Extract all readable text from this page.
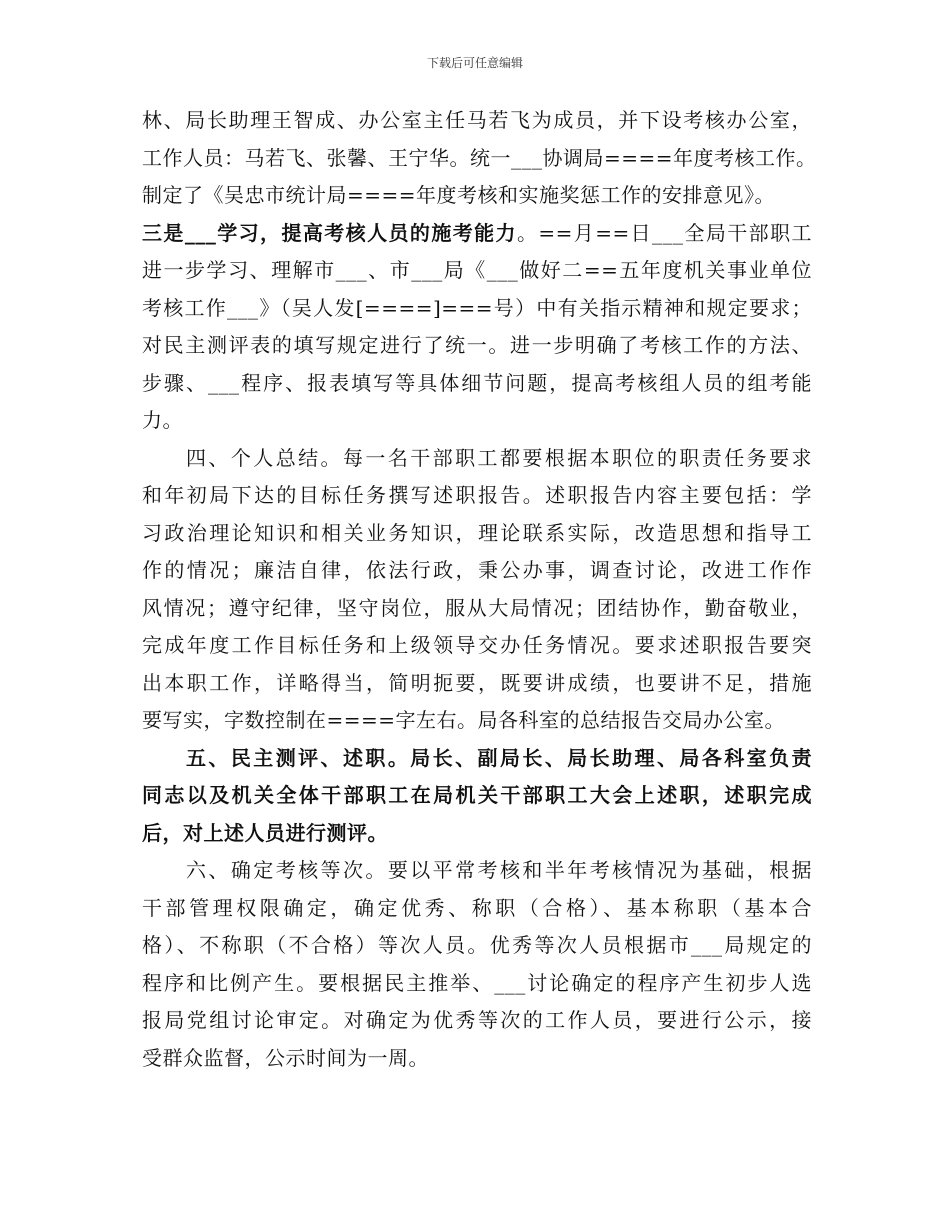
下载后可任意编辑
林、局长助理王智成、办公室主任马若飞为成员，并下设考核办公室，
工作人员：马若飞、张馨、王宁华。统一___协调局====年度考核工作。
制定了《吴忠市统计局====年度考核和实施奖惩工作的安排意见》。
三是___学习，提高考核人员的施考能力。==月==日___全局干部职工
进一步学习、理解市___、市___局《___做好二==五年度机关事业单位
考核工作___》（吴人发[====]===号）中有关指示精神和规定要求；
对民主测评表的填写规定进行了统一。进一步明确了考核工作的方法、
步骤、___程序、报表填写等具体细节问题，提高考核组人员的组考能
力。
四、个人总结。每一名干部职工都要根据本职位的职责任务要求
和年初局下达的目标任务撰写述职报告。述职报告内容主要包括：学
习政治理论知识和相关业务知识，理论联系实际，改造思想和指导工
作的情况；廉洁自律，依法行政，秉公办事，调查讨论，改进工作作
风情况；遵守纪律，坚守岗位，服从大局情况；团结协作，勤奋敬业，
完成年度工作目标任务和上级领导交办任务情况。要求述职报告要突
出本职工作，详略得当，简明扼要，既要讲成绩，也要讲不足，措施
要写实，字数控制在====字左右。局各科室的总结报告交局办公室。
五、民主测评、述职。局长、副局长、局长助理、局各科室负责
同志以及机关全体干部职工在局机关干部职工大会上述职，述职完成
后，对上述人员进行测评。
六、确定考核等次。要以平常考核和半年考核情况为基础，根据
干部管理权限确定，确定优秀、称职（合格）、基本称职（基本合
格）、不称职（不合格）等次人员。优秀等次人员根据市___局规定的
程序和比例产生。要根据民主推举、___讨论确定的程序产生初步人选
报局党组讨论审定。对确定为优秀等次的工作人员，要进行公示，接
受群众监督，公示时间为一周。
